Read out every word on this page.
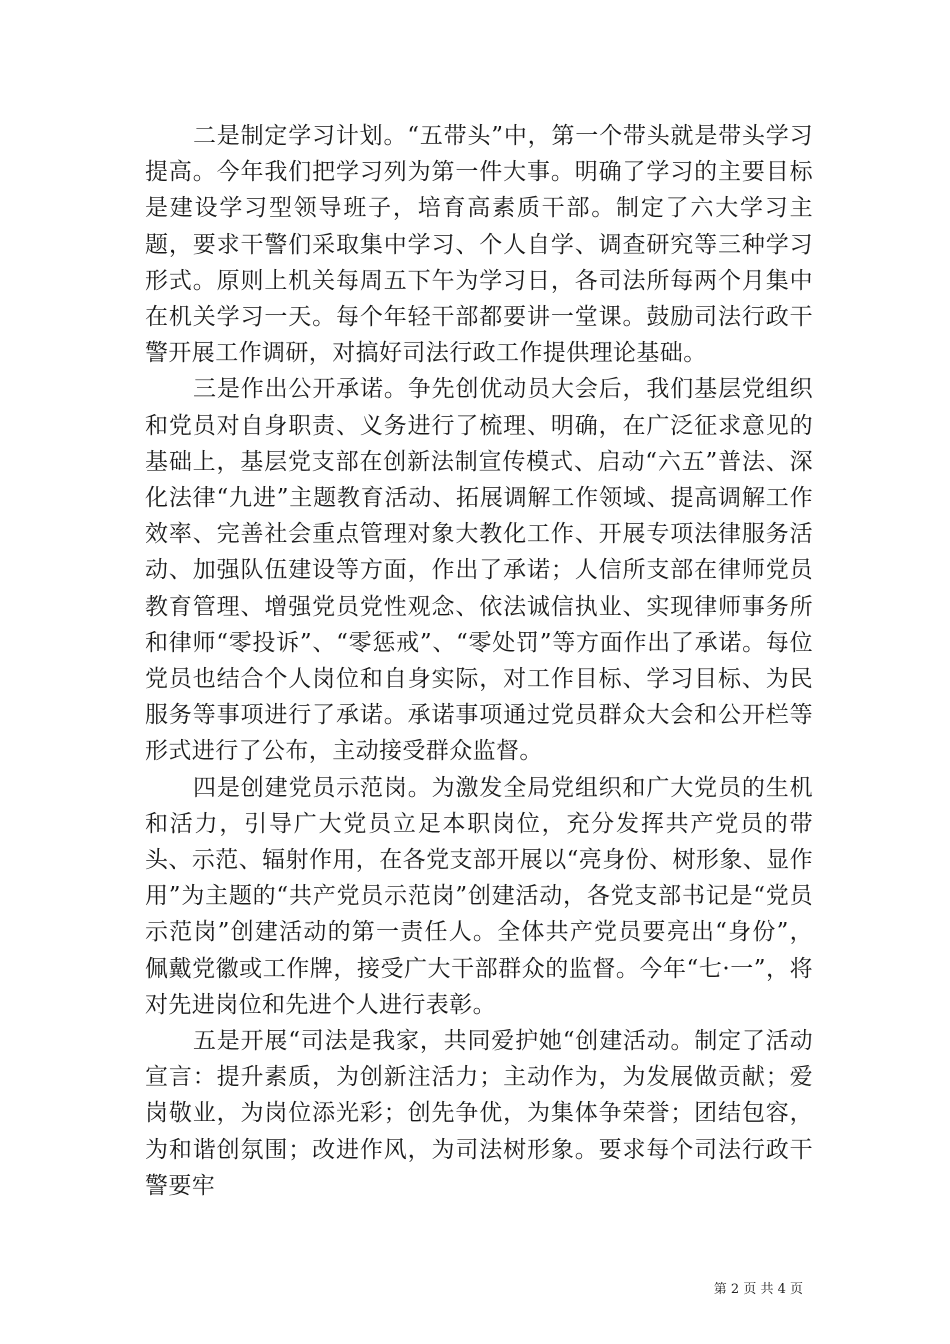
二是制定学习计划。“五带头”中，第一个带头就是带头学习提高。今年我们把学习列为第一件大事。明确了学习的主要目标是建设学习型领导班子，培育高素质干部。制定了六大学习主题，要求干警们采取集中学习、个人自学、调查研究等三种学习形式。原则上机关每周五下午为学习日，各司法所每两个月集中在机关学习一天。每个年轻干部都要讲一堂课。鼓励司法行政干警开展工作调研，对搞好司法行政工作提供理论基础。

三是作出公开承诺。争先创优动员大会后，我们基层党组织和党员对自身职责、义务进行了梳理、明确，在广泛征求意见的基础上，基层党支部在创新法制宣传模式、启动“六五”普法、深化法律“九进”主题教育活动、拓展调解工作领域、提高调解工作效率、完善社会重点管理对象大教化工作、开展专项法律服务活动、加强队伍建设等方面，作出了承诺；人信所支部在律师党员教育管理、增强党员党性观念、依法诚信执业、实现律师事务所和律师“零投诉”、“零惩戒”、“零处罚”等方面作出了承诺。每位党员也结合个人岗位和自身实际，对工作目标、学习目标、为民服务等事项进行了承诺。承诺事项通过党员群众大会和公开栏等形式进行了公布，主动接受群众监督。

四是创建党员示范岗。为激发全局党组织和广大党员的生机和活力，引导广大党员立足本职岗位，充分发挥共产党员的带头、示范、辐射作用，在各党支部开展以“亮身份、树形象、显作用”为主题的“共产党员示范岗”创建活动，各党支部书记是“党员示范岗”创建活动的第一责任人。全体共产党员要亮出“身份”，佩戴党徽或工作牌，接受广大干部群众的监督。今年“七·一”，将对先进岗位和先进个人进行表彰。

五是开展“司法是我家，共同爱护她“创建活动。制定了活动宣言：提升素质，为创新注活力；主动作为，为发展做贡献；爱岗敬业，为岗位添光彩；创先争优，为集体争荣誉；团结包容，为和谐创氛围；改进作风，为司法树形象。要求每个司法行政干警要牢

第 2 页 共 4 页
